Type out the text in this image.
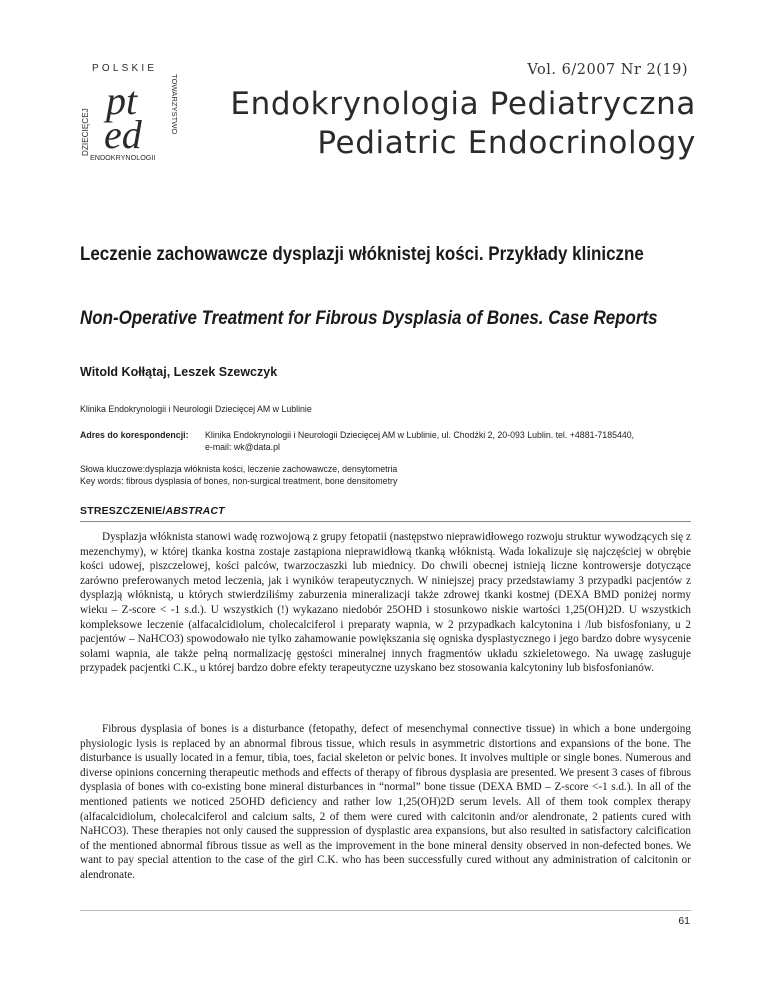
POLSKIE
DZIECIĘCEJ	TOWARZYSTWO
ENDOKRYNOLOGII
pt
ed
Vol. 6/2007 Nr 2(19)
Endokrynologia Pediatryczna
Pediatric Endocrinology
Leczenie zachowawcze dysplazji włóknistej kości. Przykłady kliniczne
Non-Operative Treatment for Fibrous Dysplasia of Bones. Case Reports
Witold Kołłątaj, Leszek Szewczyk
Klinika Endokrynologii i Neurologii Dziecięcej AM w Lublinie
Adres do korespondencji: Klinika Endokrynologii i Neurologii Dziecięcej AM w Lublinie, ul. Chodźki 2, 20-093 Lublin. tel. +4881-7185440,
e-mail: wk@data.pl
Słowa kluczowe:dysplazja włóknista kości, leczenie zachowawcze, densytometria
Key words: fibrous dysplasia of bones, non-surgical treatment, bone densitometry
STRESZCZENIE/ABSTRACT
Dysplazja włóknista stanowi wadę rozwojową z grupy fetopatii (następstwo nieprawidłowego rozwoju struktur wywodzących się z mezenchymy), w której tkanka kostna zostaje zastąpiona nieprawidłową tkanką włóknistą. Wada lokalizuje się najczęściej w obrębie kości udowej, piszczelowej, kości palców, twarzoczaszki lub miednicy. Do chwili obecnej istnieją liczne kontrowersje dotyczące zarówno preferowanych metod leczenia, jak i wyników terapeutycznych. W niniejszej pracy przedstawiamy 3 przypadki pacjentów z dysplazją włóknistą, u których stwierdziliśmy zaburzenia mineralizacji także zdrowej tkanki kostnej (DEXA BMD poniżej normy wieku – Z-score < -1 s.d.). U wszystkich (!) wykazano niedobór 25OHD i stosunkowo niskie wartości 1,25(OH)2D. U wszystkich kompleksowe leczenie (alfacalcidiolum, cholecalciferol i preparaty wapnia, w 2 przypadkach kalcytonina i /lub bisfosfoniany, u 2 pacjentów – NaHCO3) spowodowało nie tylko zahamowanie powiększania się ogniska dysplastycznego i jego bardzo dobre wysycenie solami wapnia, ale także pełną normalizację gęstości mineralnej innych fragmentów układu szkieletowego. Na uwagę zasługuje przypadek pacjentki C.K., u której bardzo dobre efekty terapeutyczne uzyskano bez stosowania kalcytoniny lub bisfosfonianów.
Fibrous dysplasia of bones is a disturbance (fetopathy, defect of mesenchymal connective tissue) in which a bone undergoing physiologic lysis is replaced by an abnormal fibrous tissue, which resuls in asymmetric distortions and expansions of the bone. The disturbance is usually located in a femur, tibia, toes, facial skeleton or pelvic bones. It involves multiple or single bones. Numerous and diverse opinions concerning therapeutic methods and effects of therapy of fibrous dysplasia are presented. We present 3 cases of fibrous dysplasia of bones with co-existing bone mineral disturbances in “normal” bone tissue (DEXA BMD – Z-score <-1 s.d.). In all of the mentioned patients we noticed 25OHD deficiency and rather low 1,25(OH)2D serum levels. All of them took complex therapy (alfacalcidiolum, cholecalciferol and calcium salts, 2 of them were cured with calcitonin and/or alendronate, 2 patients cured with NaHCO3). These therapies not only caused the suppression of dysplastic area expansions, but also resulted in satisfactory calcification of the mentioned abnormal fibrous tissue as well as the improvement in the bone mineral density observed in non-defected bones. We want to pay special attention to the case of the girl C.K. who has been successfully cured without any administration of calcitonin or alendronate.
61
